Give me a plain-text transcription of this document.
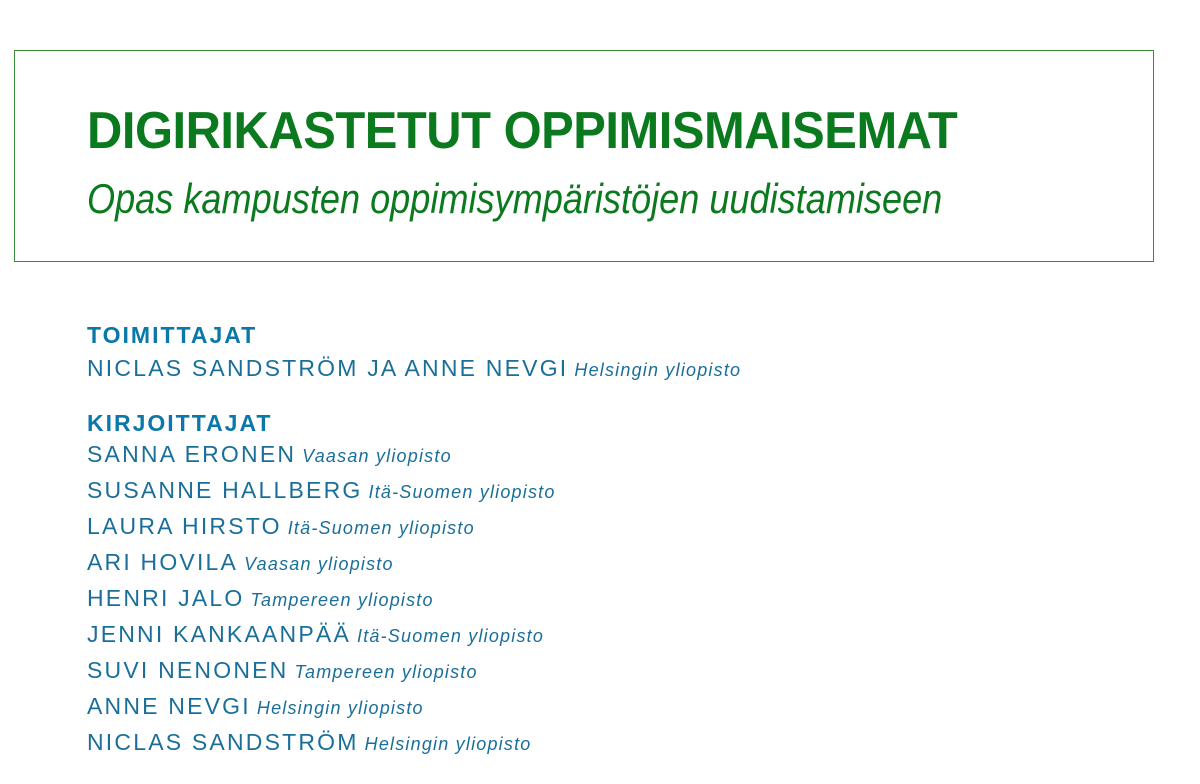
DIGIRIKASTETUT OPPIMISMAISEMAT
Opas kampusten oppimisympäristöjen uudistamiseen
TOIMITTAJAT
NICLAS SANDSTRÖM JA ANNE NEVGI Helsingin yliopisto
KIRJOITTAJAT
SANNA ERONEN Vaasan yliopisto
SUSANNE HALLBERG Itä-Suomen yliopisto
LAURA HIRSTO Itä-Suomen yliopisto
ARI HOVILA Vaasan yliopisto
HENRI JALO Tampereen yliopisto
JENNI KANKAANPÄÄ Itä-Suomen yliopisto
SUVI NENONEN Tampereen yliopisto
ANNE NEVGI Helsingin yliopisto
NICLAS SANDSTRÖM Helsingin yliopisto
